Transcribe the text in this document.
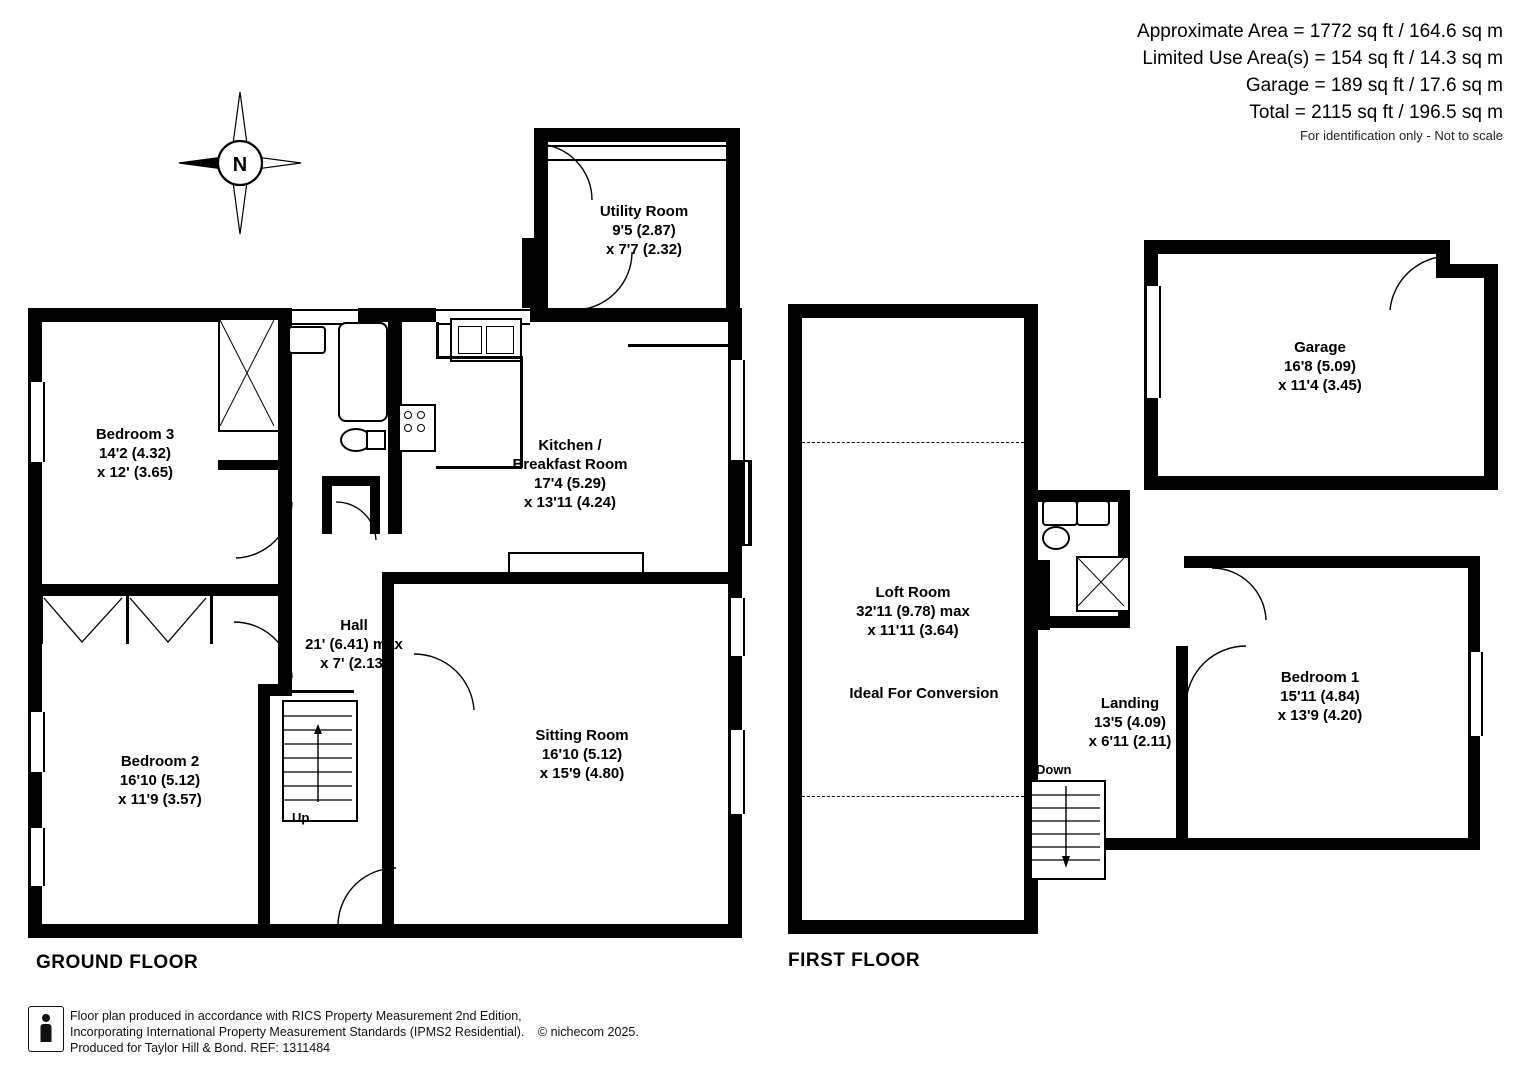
Approximate Area = 1772 sq ft / 164.6 sq m
Limited Use Area(s) = 154 sq ft / 14.3 sq m
Garage = 189 sq ft / 17.6 sq m
Total = 2115 sq ft / 196.5 sq m
For identification only - Not to scale
N
Up
Utility Room
9'5 (2.87)
x 7'7 (2.32)
Bedroom 3
14'2 (4.32)
x 12' (3.65)
Kitchen /
Breakfast Room
17'4 (5.29)
x 13'11 (4.24)
Hall
21' (6.41) max
x 7' (2.13)
Bedroom 2
16'10 (5.12)
x 11'9 (3.57)
Sitting Room
16'10 (5.12)
x 15'9 (4.80)
GROUND FLOOR
Down
Garage
16'8 (5.09)
x 11'4 (3.45)
Loft Room
32'11 (9.78) max
x 11'11 (3.64)
Ideal For Conversion
Landing
13'5 (4.09)
x 6'11 (2.11)
Bedroom 1
15'11 (4.84)
x 13'9 (4.20)
FIRST FLOOR
Floor plan produced in accordance with RICS Property Measurement 2nd Edition,
Incorporating International Property Measurement Standards (IPMS2 Residential). © nichecom 2025.
Produced for Taylor Hill & Bond. REF: 1311484
